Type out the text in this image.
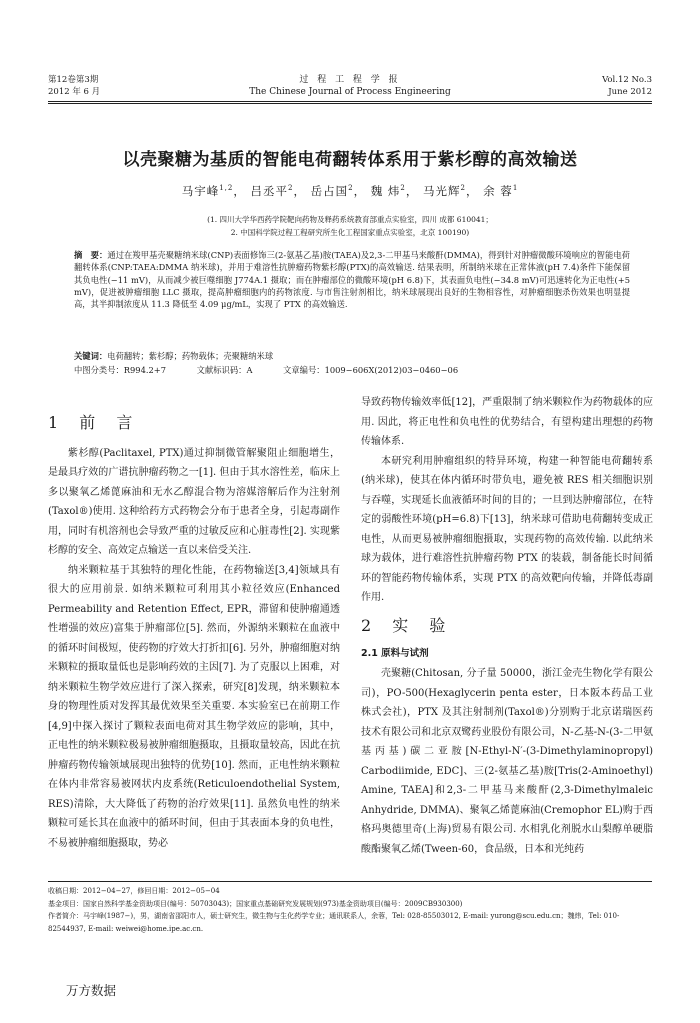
第12卷第3期
2012 年 6 月
过 程 工 程 学 报
The Chinese Journal of Process Engineering
Vol.12 No.3
June 2012
以壳聚糖为基质的智能电荷翻转体系用于紫杉醇的高效输送
马宇峰$^{1,2}$， 吕丞平$^2$， 岳占国$^2$， 魏 炜$^2$， 马光辉$^2$， 余 蓉$^1$
(1. 四川大学华西药学院靶向药物及释药系统教育部重点实验室，四川 成都 610041；
2. 中国科学院过程工程研究所生化工程国家重点实验室，北京 100190)
摘　要：通过在羧甲基壳聚糖纳米球(CNP)表面修饰三(2-氨基乙基)胺(TAEA)及2,3-二甲基马来酸酐(DMMA)，得到针对肿瘤微酸环境响应的智能电荷翻转体系(CNP:TAEA:DMMA 纳米球)，并用于难溶性抗肿瘤药物紫杉醇(PTX)的高效输送. 结果表明，所制纳米球在正常体液(pH 7.4)条件下能保留其负电性(−11 mV)，从而减少被巨噬细胞 J774A.1 摄取；而在肿瘤部位的微酸环境(pH 6.8)下，其表面负电性(−34.8 mV)可迅速转化为正电性(+5 mV)，促进被肿瘤细胞 LLC 摄取，提高肿瘤细胞内的药物浓度. 与市售注射剂相比，纳米球展现出良好的生物相容性，对肿瘤细胞杀伤效果也明显提高，其半抑制浓度从 11.3 降低至 4.09 μg/mL，实现了 PTX 的高效输送.
关键词：电荷翻转；紫杉醇；药物载体；壳聚糖纳米球
中图分类号：R994.2+7	文献标识码：A	文章编号：1009−606X(2012)03−0460−06
1 前 言

紫杉醇(Paclitaxel, PTX)通过抑制微管解聚阻止细胞增生，是最具疗效的广谱抗肿瘤药物之一[1]. 但由于其水溶性差，临床上多以聚氧乙烯蓖麻油和无水乙醇混合物为溶媒溶解后作为注射剂(Taxol®)使用. 这种给药方式药物会分布于患者全身，引起毒副作用，同时有机溶剂也会导致严重的过敏反应和心脏毒性[2]. 实现紫杉醇的安全、高效定点输送一直以来倍受关注.

纳米颗粒基于其独特的理化性能，在药物输送[3,4]领域具有很大的应用前景. 如纳米颗粒可利用其小粒径效应(Enhanced Permeability and Retention Effect, EPR，滞留和使肿瘤通透性增强的效应)富集于肿瘤部位[5]. 然而，外源纳米颗粒在血液中的循环时间极短，使药物的疗效大打折扣[6]. 另外，肿瘤细胞对纳米颗粒的摄取量低也是影响药效的主因[7]. 为了克服以上困难，对纳米颗粒生物学效应进行了深入探索，研究[8]发现，纳米颗粒本身的物理性质对发挥其最优效果至关重要. 本实验室已在前期工作[4,9]中探入探讨了颗粒表面电荷对其生物学效应的影响，其中，正电性的纳米颗粒极易被肿瘤细胞摄取，且摄取量较高，因此在抗肿瘤药物传输领域展现出独特的优势[10]. 然而，正电性纳米颗粒在体内非常容易被网状内皮系统(Reticuloendothelial System, RES)清除，大大降低了药物的治疗效果[11]. 虽然负电性的纳米颗粒可延长其在血液中的循环时间，但由于其表面本身的负电性，不易被肿瘤细胞摄取，势必

导致药物传输效率低[12]，严重限制了纳米颗粒作为药物载体的应用. 因此，将正电性和负电性的优势结合，有望构建出理想的药物传输体系.

本研究利用肿瘤组织的特异环境，构建一种智能电荷翻转系(纳米球)，使其在体内循环时带负电，避免被 RES 相关细胞识别与吞噬，实现延长血液循环时间的目的；一旦到达肿瘤部位，在特定的弱酸性环境(pH=6.8)下[13]，纳米球可借助电荷翻转变成正电性，从而更易被肿瘤细胞摄取，实现药物的高效传输. 以此纳米球为载体，进行难溶性抗肿瘤药物 PTX 的装载，制备能长时间循环的智能药物传输体系，实现 PTX 的高效靶向传输，并降低毒副作用.

2 实 验
2.1 原料与试剂

壳聚糖(Chitosan, 分子量 50000，浙江金壳生物化学有限公司)，PO-500(Hexaglycerin penta ester，日本阪本药品工业株式会社)，PTX 及其注射制剂(Taxol®)分别购于北京诺瑞医药技术有限公司和北京双鹭药业股份有限公司，N-乙基-N-(3-二甲氨基丙基)碳二亚胺[N-Ethyl-N′-(3-Dimethylaminopropyl) Carbodiimide, EDC]、三(2-氨基乙基)胺[Tris(2-Aminoethyl) Amine, TAEA]和2,3-二甲基马来酸酐(2,3-Dimethylmaleic Anhydride, DMMA)、聚氧乙烯蓖麻油(Cremophor EL)购于西格玛奥德里奇(上海)贸易有限公司. 水相乳化剂脱水山梨醇单硬脂酸酯聚氧乙烯(Tween-60，食品级，日本和光纯药

收稿日期：2012−04−27，修回日期：2012−05−04
基金项目：国家自然科学基金资助项目(编号：50703043)；国家重点基础研究发展规划(973)基金资助项目(编号：2009CB930300)
作者简介：马宇峰(1987−)，男，湖南省邵阳市人，硕士研究生，微生物与生化药学专业；通讯联系人，余蓉，Tel: 028-85503012, E-mail: yurong@scu.edu.cn；魏炜，Tel: 010-82544937, E-mail: weiwei@home.ipe.ac.cn.
万方数据
